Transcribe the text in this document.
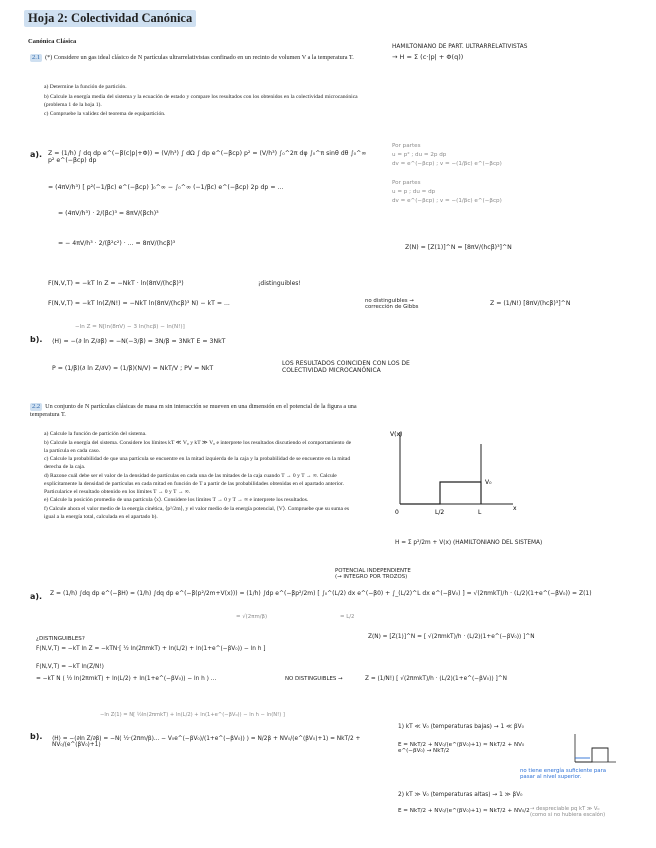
Hoja 2: Colectividad Canónica
Canónica Clásica
2.1 (*) Considere un gas ideal clásico de N partículas ultrarrelativistas confinado en un recinto de volumen V a la temperatura T.
a) Determine la función de partición.
b) Calcule la energía media del sistema y la ecuación de estado y compare los resultados con los obtenidos en la colectividad microcanónica (problema 1 de la hoja 1).
c) Compruebe la validez del teorema de equipartición.
HAMILTONIANO DE PART. ULTRARRELATIVISTAS
→ H = Σ (c·|p| + Φ(q))
a). Z = (1/h) ∫ dq dp e^(−β(c|p|+Φ)) = (V/h³) ∫ dΩ ∫ dp e^(−βcp) p² = (V/h³) ∫₀^2π dφ ∫₀^π sinθ dθ ∫₀^∞ p² e^(−βcp) dp
= (4πV/h³) [ p²(−1/βc) e^(−βcp) ]₀^∞ − ∫₀^∞ (−1/βc) e^(−βcp) 2p dp = ...
= (4πV/h³) · 2/(βc)³ = 8πV/(βch)³
= − 4πV/h³ · 2/(β²c²) · ... = 8πV/(hcβ)³
Por partes
u = p² ; du = 2p dp
dv = e^(−βcp) ; v = −(1/βc) e^(−βcp)
Por partes
u = p ; du = dp
dv = e^(−βcp) ; v = −(1/βc) e^(−βcp)
Z(N) = [Z(1)]^N = [8πV/(hcβ)³]^N
F(N,V,T) = −kT ln Z = −NkT · ln(8πV/(hcβ)³)	¡distinguibles!
F(N,V,T) = −kT ln(Z/N!) = −NkT ln(8πV/(hcβ)³ N) − kT = ...	no distinguibles →
corrección de Gibbs	Z = (1/N!) [8πV/(hcβ)³]^N
−ln Z = N[ln(8πV) − 3 ln(hcβ) − ln(N!)]
b). ⟨H⟩ = −(∂ ln Z/∂β) = −N(−3/β) = 3N/β = 3NkT E = 3NkT
P = (1/β)(∂ ln Z/∂V) = (1/β)(N/V) = NkT/V ; PV = NkT
LOS RESULTADOS COINCIDEN CON LOS DE
COLECTIVIDAD MICROCANÓNICA
2.2 Un conjunto de N partículas clásicas de masa m sin interacción se mueven en una dimensión en el potencial de la figura a una temperatura T.
a) Calcule la función de partición del sistema.
b) Calcule la energía del sistema. Considere los límites kT ≪ V₀ y kT ≫ V₀ e interprete los resultados discutiendo el comportamiento de la partícula en cada caso.
c) Calcule la probabilidad de que una partícula se encuentre en la mitad izquierda de la caja y la probabilidad de se encuentre en la mitad derecha de la caja.
d) Razone cuál debe ser el valor de la densidad de partículas en cada una de las mitades de la caja cuando T → 0 y T → ∞. Calcule explícitamente la densidad de partículas en cada mitad en función de T a partir de las probabilidades obtenidas en el apartado anterior. Particularice el resultado obtenido en los límites T → 0 y T → ∞.
e) Calcule la posición promedio de una partícula ⟨x⟩. Considere los límites T → 0 y T → ∞ e interprete los resultados.
f) Calcule ahora el valor medio de la energía cinética, ⟨p²/2m⟩, y el valor medio de la energía potencial, ⟨V⟩. Compruebe que su suma es igual a la energía total, calculada en el apartado b).
V(x)
x
0	L/2	L
V₀
H = Σ p²/2m + V(x) (HAMILTONIANO DEL SISTEMA)
POTENCIAL INDEPENDIENTE
(→ INTEGRO POR TROZOS)
a). Z = (1/h) ∫dq dp e^(−βH) = (1/h) ∫dq dp e^(−β(p²/2m+V(x))) = (1/h) ∫dp e^(−βp²/2m) [ ∫₀^(L/2) dx e^(−β0) + ∫_(L/2)^L dx e^(−βV₀) ] = √(2πmkT)/h · (L/2)(1+e^(−βV₀)) = Z(1)
= √(2πm/β)	= L/2
¿DISTINGUIBLES?
F(N,V,T) = −kT ln Z = −kTN·[ ½ ln(2πmkT) + ln(L/2) + ln(1+e^(−βV₀)) − ln h ]
Z(N) = [Z(1)]^N = [ √(2πmkT)/h · (L/2)(1+e^(−βV₀)) ]^N
F(N,V,T) = −kT ln(Z/N!)
= −kT N ( ½ ln(2πmkT) + ln(L/2) + ln(1+e^(−βV₀)) − ln h ) ...	NO DISTINGUIBLES →	Z = (1/N!) [ √(2πmkT)/h · (L/2)(1+e^(−βV₀)) ]^N
−ln Z(1) = N[ ½ln(2πmkT) + ln(L/2) + ln(1+e^(−βV₀)) − ln h − ln(N!) ]
b). ⟨H⟩ = −(∂ln Z/∂β) = −N( ½·(2πm/β)... − V₀e^(−βV₀)/(1+e^(−βV₀)) ) = N/2β + NV₀/(e^(βV₀)+1) = NkT/2 + NV₀/(e^(βV₀)+1)
1) kT ≪ V₀ (temperaturas bajas) → 1 ≪ βV₀
E = NkT/2 + NV₀/(e^(βV₀)+1) ≈ NkT/2 + NV₀ e^(−βV₀) → NkT/2
no tiene energía suficiente para
pasar al nivel superior.
2) kT ≫ V₀ (temperaturas altas) → 1 ≫ βV₀
E = NkT/2 + NV₀/(e^(βV₀)+1) ≈ NkT/2 + NV₀/2 → despreciable pq kT ≫ V₀
(como si no hubiera escalón)
